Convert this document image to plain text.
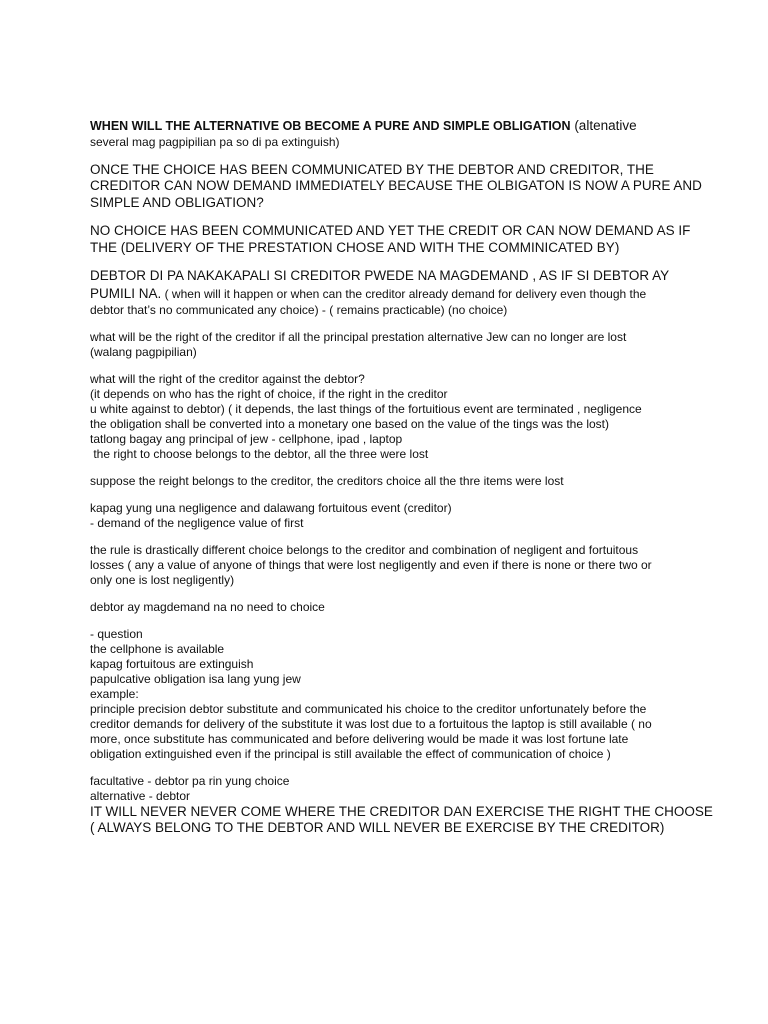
WHEN WILL THE ALTERNATIVE OB BECOME A PURE AND SIMPLE OBLIGATION (altenative
several mag pagpipilian pa so di pa extinguish)
ONCE THE CHOICE HAS BEEN COMMUNICATED BY THE DEBTOR AND CREDITOR, THE
CREDITOR CAN NOW DEMAND IMMEDIATELY BECAUSE THE OLBIGATON IS NOW A PURE AND
SIMPLE AND OBLIGATION?
NO CHOICE HAS BEEN COMMUNICATED AND YET THE CREDIT OR CAN NOW DEMAND AS IF
THE (DELIVERY OF THE PRESTATION CHOSE AND WITH THE COMMINICATED BY)
DEBTOR DI PA NAKAKAPALI SI CREDITOR PWEDE NA MAGDEMAND , AS IF SI DEBTOR AY
PUMILI NA. ( when will it happen or when can the creditor already demand for delivery even though the
debtor that’s no communicated any choice) - ( remains practicable) (no choice)
what will be the right of the creditor if all the principal prestation alternative Jew can no longer are lost
(walang pagpipilian)
what will the right of the creditor against the debtor?
(it depends on who has the right of choice, if the right in the creditor
u white against to debtor) ( it depends, the last things of the fortuitious event are terminated , negligence
the obligation shall be converted into a monetary one based on the value of the tings was the lost)
tatlong bagay ang principal of jew - cellphone, ipad , laptop
the right to choose belongs to the debtor, all the three were lost
suppose the reight belongs to the creditor, the creditors choice all the thre items were lost
kapag yung una negligence and dalawang fortuitous event (creditor)
- demand of the negligence value of first
the rule is drastically different choice belongs to the creditor and combination of negligent and fortuitous
losses ( any a value of anyone of things that were lost negligently and even if there is none or there two or
only one is lost negligently)
debtor ay magdemand na no need to choice
- question
the cellphone is available
kapag fortuitous are extinguish
papulcative obligation isa lang yung jew
example:
principle precision debtor substitute and communicated his choice to the creditor unfortunately before the
creditor demands for delivery of the substitute it was lost due to a fortuitous the laptop is still available ( no
more, once substitute has communicated and before delivering would be made it was lost fortune late
obligation extinguished even if the principal is still available the effect of communication of choice )
facultative - debtor pa rin yung choice
alternative - debtor
IT WILL NEVER NEVER COME WHERE THE CREDITOR DAN EXERCISE THE RIGHT THE CHOOSE
( ALWAYS BELONG TO THE DEBTOR AND WILL NEVER BE EXERCISE BY THE CREDITOR)
